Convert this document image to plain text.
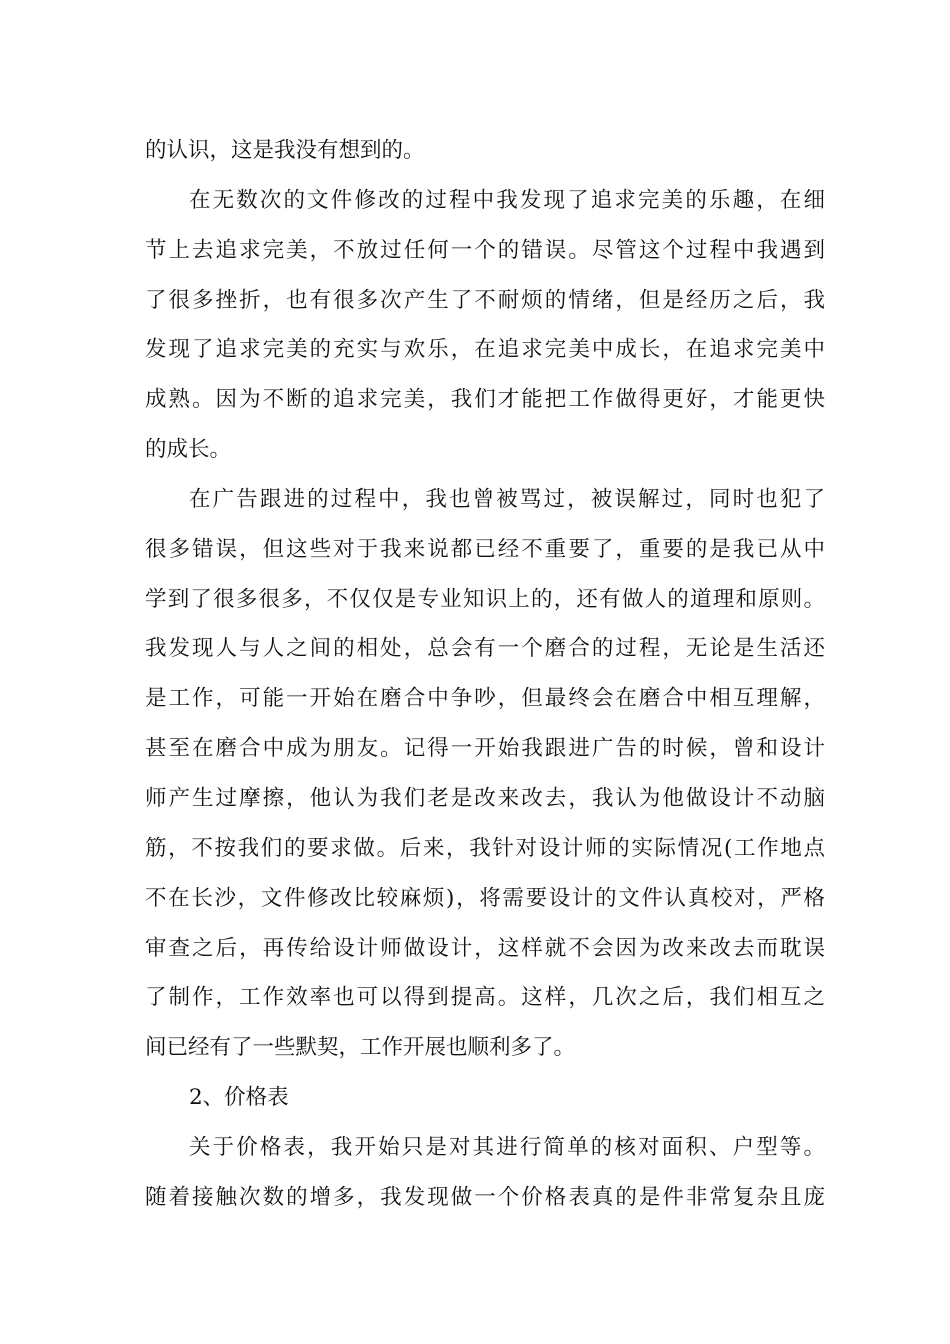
的认识，这是我没有想到的。
在无数次的文件修改的过程中我发现了追求完美的乐趣，在细
节上去追求完美，不放过任何一个的错误。尽管这个过程中我遇到
了很多挫折，也有很多次产生了不耐烦的情绪，但是经历之后，我
发现了追求完美的充实与欢乐，在追求完美中成长，在追求完美中
成熟。因为不断的追求完美，我们才能把工作做得更好，才能更快
的成长。
在广告跟进的过程中，我也曾被骂过，被误解过，同时也犯了
很多错误，但这些对于我来说都已经不重要了，重要的是我已从中
学到了很多很多，不仅仅是专业知识上的，还有做人的道理和原则。
我发现人与人之间的相处，总会有一个磨合的过程，无论是生活还
是工作，可能一开始在磨合中争吵，但最终会在磨合中相互理解，
甚至在磨合中成为朋友。记得一开始我跟进广告的时候，曾和设计
师产生过摩擦，他认为我们老是改来改去，我认为他做设计不动脑
筋，不按我们的要求做。后来，我针对设计师的实际情况(工作地点
不在长沙，文件修改比较麻烦)，将需要设计的文件认真校对，严格
审查之后，再传给设计师做设计，这样就不会因为改来改去而耽误
了制作，工作效率也可以得到提高。这样，几次之后，我们相互之
间已经有了一些默契，工作开展也顺利多了。
2、价格表
关于价格表，我开始只是对其进行简单的核对面积、户型等。
随着接触次数的增多，我发现做一个价格表真的是件非常复杂且庞
